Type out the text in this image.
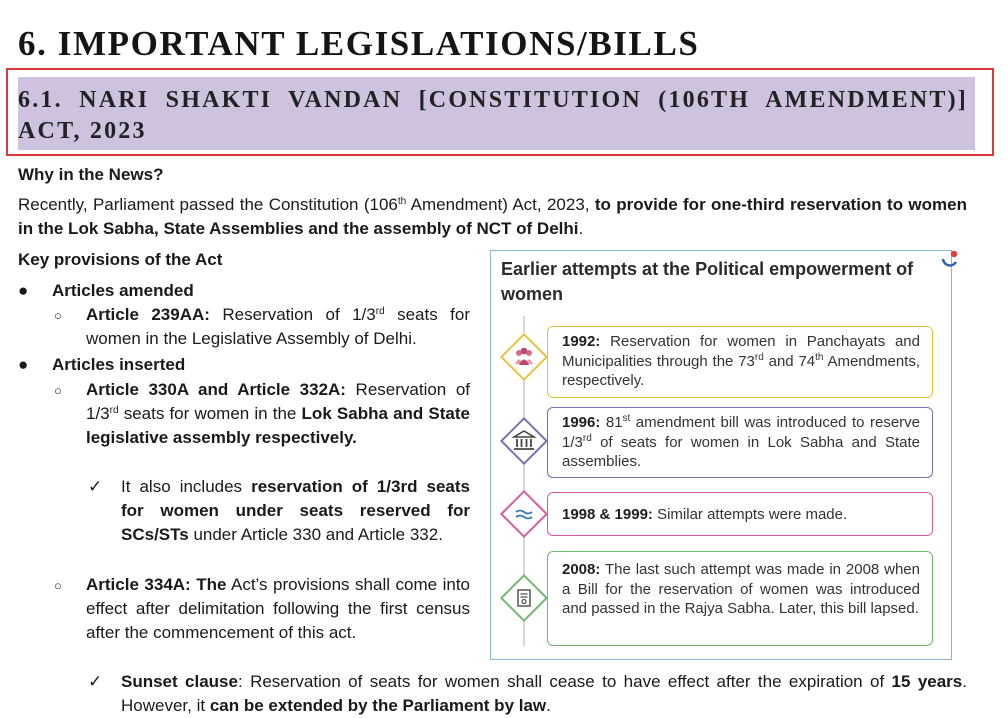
6. IMPORTANT LEGISLATIONS/BILLS
6.1. NARI SHAKTI VANDAN [CONSTITUTION (106TH AMENDMENT)] ACT, 2023

Why in the News?

Recently, Parliament passed the Constitution (106th Amendment) Act, 2023, to provide for one-third reservation to women in the Lok Sabha, State Assemblies and the assembly of NCT of Delhi.

Key provisions of the Act

● Articles amended

○ Article 239AA: Reservation of 1/3rd seats for women in the Legislative Assembly of Delhi.

● Articles inserted

○ Article 330A and Article 332A: Reservation of 1/3rd seats for women in the Lok Sabha and State legislative assembly respectively.

✓ It also includes reservation of 1/3rd seats for women under seats reserved for SCs/STs under Article 330 and Article 332.

○ Article 334A: The Act’s provisions shall come into effect after delimitation following the first census after the commencement of this act.

✓ Sunset clause: Reservation of seats for women shall cease to have effect after the expiration of 15 years. However, it can be extended by the Parliament by law.

Earlier attempts at the Political empowerment of women

1992: Reservation for women in Panchayats and Municipalities through the 73rd and 74th Amendments, respectively.

1996: 81st amendment bill was introduced to reserve 1/3rd of seats for women in Lok Sabha and State assemblies.

1998 & 1999: Similar attempts were made.

2008: The last such attempt was made in 2008 when a Bill for the reservation of women was introduced and passed in the Rajya Sabha. Later, this bill lapsed.
